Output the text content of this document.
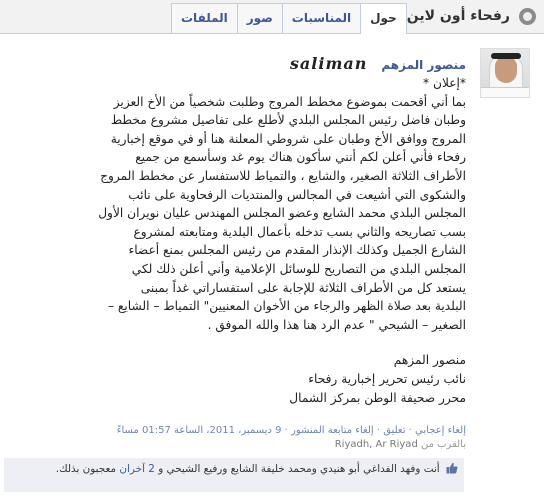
رفحاء أون لاين
حول
المناسبات
صور
الملفات
منصور المزهم
saliman

*إعلان *

بما أني أقحمت بموضوع مخطط المروج وطلبت شخصياً من الأخ العزيز

وطبان فاضل رئيس المجلس البلدي لأطلع على تفاصيل مشروع مخطط

المروج ووافق الأخ وطبان على شروطي المعلنة هنا أو في موقع إخبارية

رفحاء فأني أعلن لكم أنني سأكون هناك يوم غد وسأسمع من جميع

الأطراف الثلاثة الصغير، والشايع ، والتمياط للاستفسار عن مخطط المروج

والشكوى التي أشيعت في المجالس والمنتديات الرفحاوية على نائب

المجلس البلدي محمد الشايع وعضو المجلس المهندس عليان نويران الأول

بسب تصاريحه والثاني بسب تدخله بأعمال البلدية ومتابعته لمشروع

الشارع الجميل وكذلك الإنذار المقدم من رئيس المجلس بمنع أعضاء

المجلس البلدي من التصاريح للوسائل الإعلامية وأني أعلن ذلك لكي

يستعد كل من الأطراف الثلاثة للإجابة على استفساراتي غداً بمبنى

البلدية بعد صلاة الظهر والرجاء من الأخوان المعنيين" التمياط – الشايع –

الصغير – الشيحي " عدم الرد هنا هذا والله الموفق .

منصور المزهم

نائب رئيس تحرير إخبارية رفحاء

محرر صحيفة الوطن بمركز الشمال

إلغاء إعجابي · تعليق · إلغاء متابعة المنشور · 9 ديسمبر، 2011، الساعة 01:57 مساءً
بالقرب من Riyadh, Ar Riyad
أنت وفهد الفداغي أبو هنيدي ومحمد خليفة الشايع ورفيع الشيحي و 2 آخران معجبون بذلك.
